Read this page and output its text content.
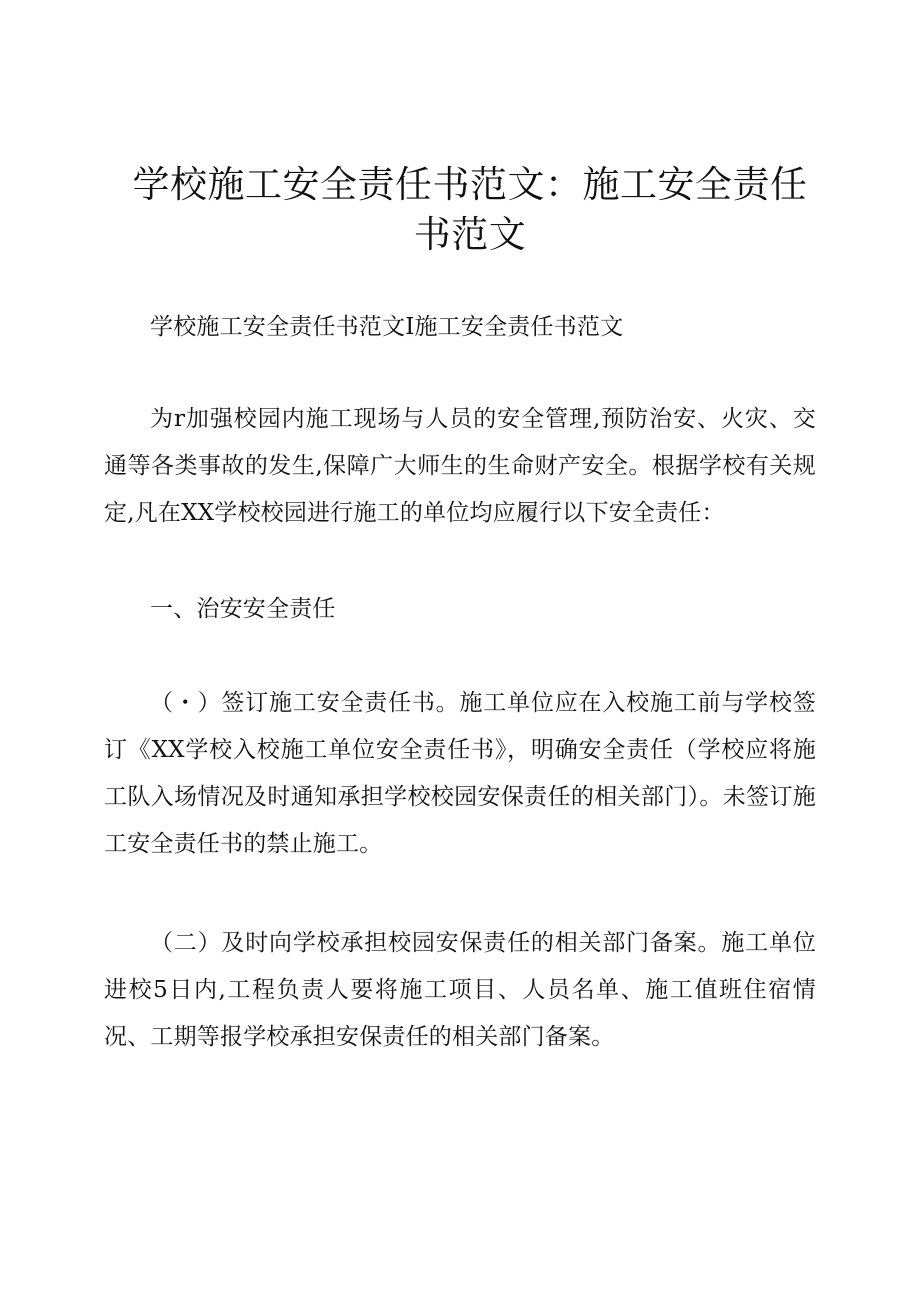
学校施工安全责任书范文：施工安全责任书范文

学校施工安全责任书范文I施工安全责任书范文

为r加强校园内施工现场与人员的安全管理,预防治安、火灾、交通等各类事故的发生,保障广大师生的生命财产安全。根据学校有关规定,凡在XX学校校园进行施工的单位均应履行以下安全责任：

一、治安安全责任

（・）签订施工安全责任书。施工单位应在入校施工前与学校签订《XX学校入校施工单位安全责任书》，明确安全责任（学校应将施工队入场情况及时通知承担学校校园安保责任的相关部门）。未签订施工安全责任书的禁止施工。

（二）及时向学校承担校园安保责任的相关部门备案。施工单位进校5日内,工程负责人要将施工项目、人员名单、施工值班住宿情况、工期等报学校承担安保责任的相关部门备案。
